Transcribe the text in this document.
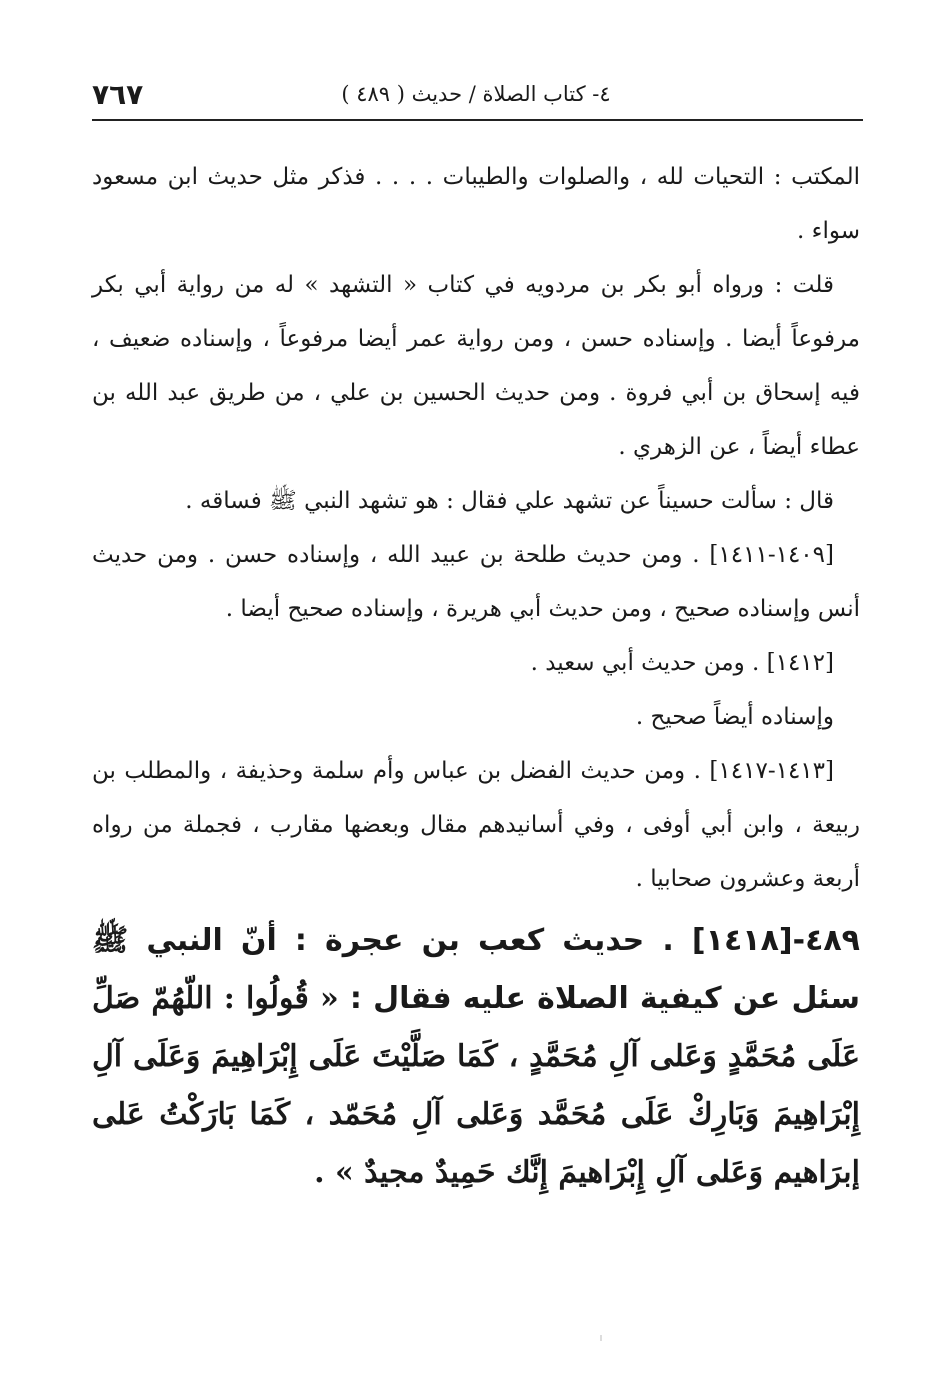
٤- كتاب الصلاة / حديث ( ٤٨٩ )
٧٦٧

المكتب : التحيات لله ، والصلوات والطيبات . . . . فذكر مثل حديث ابن مسعود سواء .

قلت : ورواه أبو بكر بن مردويه في كتاب « التشهد » له من رواية أبي بكر مرفوعاً أيضا . وإسناده حسن ، ومن رواية عمر أيضا مرفوعاً ، وإسناده ضعيف ، فيه إسحاق بن أبي فروة . ومن حديث الحسين بن علي ، من طريق عبد الله بن عطاء أيضاً ، عن الزهري .

قال : سألت حسيناً عن تشهد علي فقال : هو تشهد النبي ﷺ فساقه .

[١٤٠٩-١٤١١] . ومن حديث طلحة بن عبيد الله ، وإسناده حسن . ومن حديث أنس وإسناده صحيح ، ومن حديث أبي هريرة ، وإسناده صحيح أيضا .

[١٤١٢] . ومن حديث أبي سعيد .

وإسناده أيضاً صحيح .

[١٤١٣-١٤١٧] . ومن حديث الفضل بن عباس وأم سلمة وحذيفة ، والمطلب بن ربيعة ، وابن أبي أوفى ، وفي أسانيدهم مقال وبعضها مقارب ، فجملة من رواه أربعة وعشرون صحابيا .

٤٨٩-[١٤١٨] . حديث كعب بن عجرة : أنّ النبي ﷺ سئل عن كيفية الصلاة عليه فقال : « قُولُوا : اللّهُمّ صَلِّ عَلَى مُحَمَّدٍ وَعَلى آلِ مُحَمَّدٍ ، كَمَا صَلَّيْتَ عَلَى إِبْرَاهِيمَ وَعَلَى آلِ إِبْرَاهِيمَ وَبَارِكْ عَلَى مُحَمَّد وَعَلى آلِ مُحَمّد ، كَمَا بَارَكْتُ عَلى إبرَاهيم وَعَلى آلِ إِبْرَاهيمَ إِنَّك حَمِيدٌ مجيدٌ » .
